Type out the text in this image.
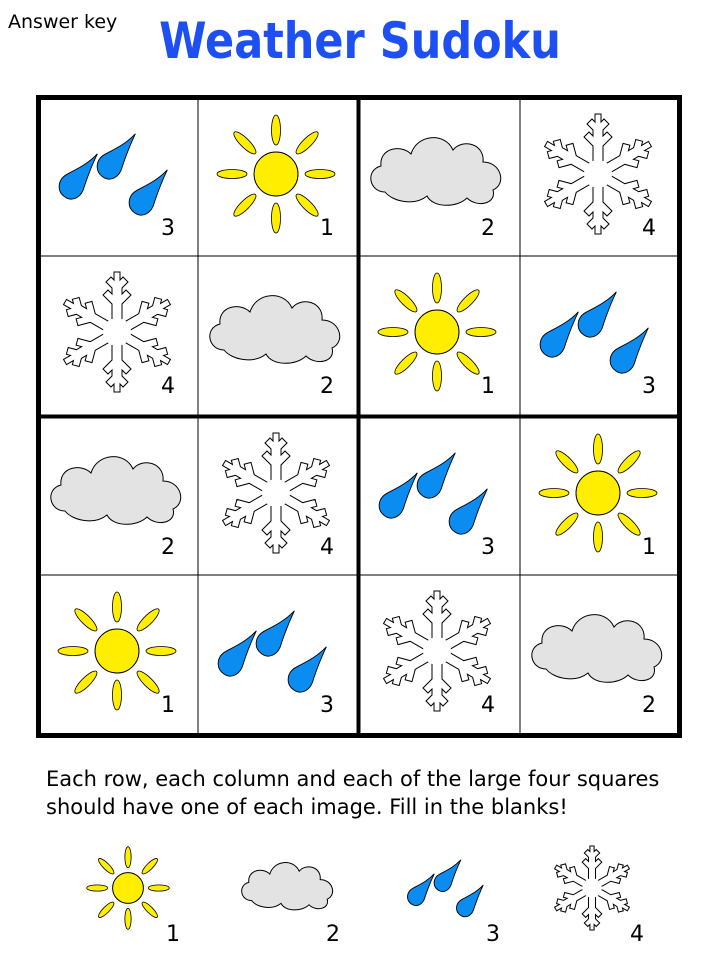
Answer key Weather Sudoku
3	1	2	4
4	2	1	3
2	4	3	1
1	3	4	2
Each row, each column and each of the large four squares
should have one of each image. Fill in the blanks!
1	2	3	4
